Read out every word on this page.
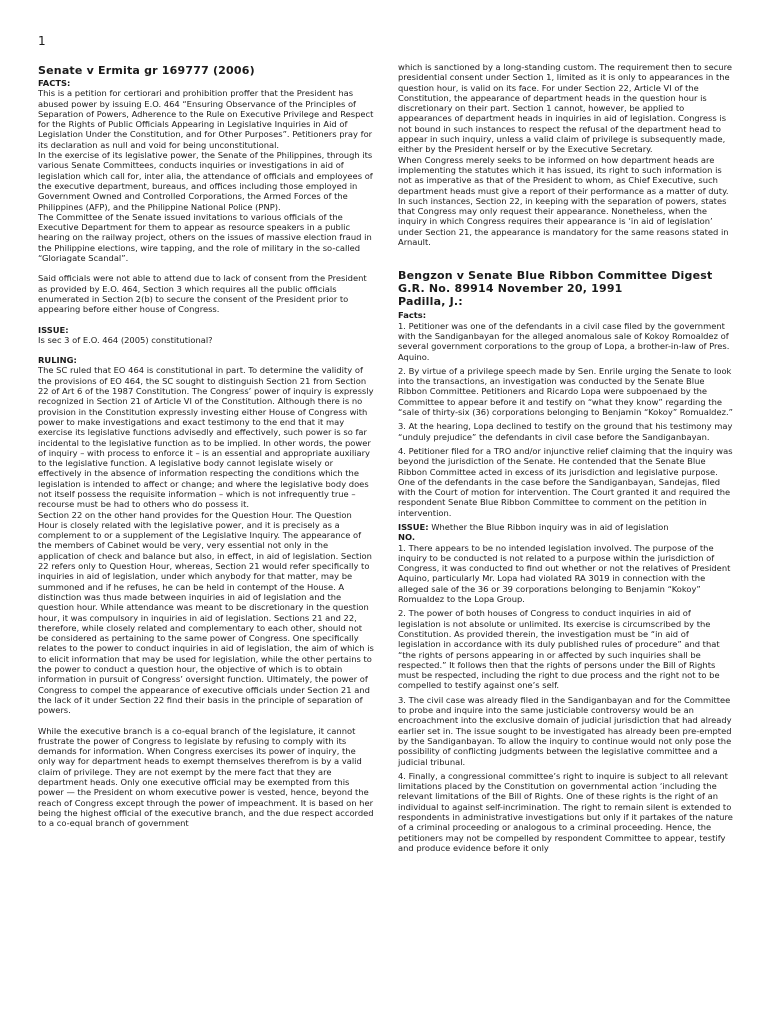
1

Senate v Ermita gr 169777 (2006)

FACTS:

This is a petition for certiorari and prohibition proffer that the President has abused power by issuing E.O. 464 “Ensuring Observance of the Principles of Separation of Powers, Adherence to the Rule on Executive Privilege and Respect for the Rights of Public Officials Appearing in Legislative Inquiries in Aid of Legislation Under the Constitution, and for Other Purposes”. Petitioners pray for its declaration as null and void for being unconstitutional.

In the exercise of its legislative power, the Senate of the Philippines, through its various Senate Committees, conducts inquiries or investigations in aid of legislation which call for, inter alia, the attendance of officials and employees of the executive department, bureaus, and offices including those employed in Government Owned and Controlled Corporations, the Armed Forces of the Philippines (AFP), and the Philippine National Police (PNP).

The Committee of the Senate issued invitations to various officials of the Executive Department for them to appear as resource speakers in a public hearing on the railway project, others on the issues of massive election fraud in the Philippine elections, wire tapping, and the role of military in the so-called “Gloriagate Scandal”.

Said officials were not able to attend due to lack of consent from the President as provided by E.O. 464, Section 3 which requires all the public officials enumerated in Section 2(b) to secure the consent of the President prior to appearing before either house of Congress.

ISSUE:

Is sec 3 of E.O. 464 (2005) constitutional?

RULING:

The SC ruled that EO 464 is constitutional in part. To determine the validity of the provisions of EO 464, the SC sought to distinguish Section 21 from Section 22 of Art 6 of the 1987 Constitution. The Congress’ power of inquiry is expressly recognized in Section 21 of Article VI of the Constitution. Although there is no provision in the Constitution expressly investing either House of Congress with power to make investigations and exact testimony to the end that it may exercise its legislative functions advisedly and effectively, such power is so far incidental to the legislative function as to be implied. In other words, the power of inquiry – with process to enforce it – is an essential and appropriate auxiliary to the legislative function. A legislative body cannot legislate wisely or effectively in the absence of information respecting the conditions which the legislation is intended to affect or change; and where the legislative body does not itself possess the requisite information – which is not infrequently true – recourse must be had to others who do possess it.

Section 22 on the other hand provides for the Question Hour. The Question Hour is closely related with the legislative power, and it is precisely as a complement to or a supplement of the Legislative Inquiry. The appearance of the members of Cabinet would be very, very essential not only in the application of check and balance but also, in effect, in aid of legislation. Section 22 refers only to Question Hour, whereas, Section 21 would refer specifically to inquiries in aid of legislation, under which anybody for that matter, may be summoned and if he refuses, he can be held in contempt of the House. A distinction was thus made between inquiries in aid of legislation and the question hour. While attendance was meant to be discretionary in the question hour, it was compulsory in inquiries in aid of legislation. Sections 21 and 22, therefore, while closely related and complementary to each other, should not be considered as pertaining to the same power of Congress. One specifically relates to the power to conduct inquiries in aid of legislation, the aim of which is to elicit information that may be used for legislation, while the other pertains to the power to conduct a question hour, the objective of which is to obtain information in pursuit of Congress’ oversight function. Ultimately, the power of Congress to compel the appearance of executive officials under Section 21 and the lack of it under Section 22 find their basis in the principle of separation of powers.

While the executive branch is a co-equal branch of the legislature, it cannot frustrate the power of Congress to legislate by refusing to comply with its demands for information. When Congress exercises its power of inquiry, the only way for department heads to exempt themselves therefrom is by a valid claim of privilege. They are not exempt by the mere fact that they are department heads. Only one executive official may be exempted from this power — the President on whom executive power is vested, hence, beyond the reach of Congress except through the power of impeachment. It is based on her being the highest official of the executive branch, and the due respect accorded to a co-equal branch of government

which is sanctioned by a long-standing custom. The requirement then to secure presidential consent under Section 1, limited as it is only to appearances in the question hour, is valid on its face. For under Section 22, Article VI of the Constitution, the appearance of department heads in the question hour is discretionary on their part. Section 1 cannot, however, be applied to appearances of department heads in inquiries in aid of legislation. Congress is not bound in such instances to respect the refusal of the department head to appear in such inquiry, unless a valid claim of privilege is subsequently made, either by the President herself or by the Executive Secretary.

When Congress merely seeks to be informed on how department heads are implementing the statutes which it has issued, its right to such information is not as imperative as that of the President to whom, as Chief Executive, such department heads must give a report of their performance as a matter of duty. In such instances, Section 22, in keeping with the separation of powers, states that Congress may only request their appearance. Nonetheless, when the inquiry in which Congress requires their appearance is ‘in aid of legislation’ under Section 21, the appearance is mandatory for the same reasons stated in Arnault.

Bengzon v Senate Blue Ribbon Committee Digest

G.R. No. 89914 November 20, 1991

Padilla, J.:

Facts:

1. Petitioner was one of the defendants in a civil case filed by the government with the Sandiganbayan for the alleged anomalous sale of Kokoy Romoaldez of several government corporations to the group of Lopa, a brother-in-law of Pres. Aquino.

2. By virtue of a privilege speech made by Sen. Enrile urging the Senate to look into the transactions, an investigation was conducted by the Senate Blue Ribbon Committee. Petitioners and Ricardo Lopa were subpoenaed by the Committee to appear before it and testify on “what they know” regarding the “sale of thirty-six (36) corporations belonging to Benjamin “Kokoy” Romualdez.”

3. At the hearing, Lopa declined to testify on the ground that his testimony may “unduly prejudice” the defendants in civil case before the Sandiganbayan.

4. Petitioner filed for a TRO and/or injunctive relief claiming that the inquiry was beyond the jurisdiction of the Senate. He contended that the Senate Blue Ribbon Committee acted in excess of its jurisdiction and legislative purpose. One of the defendants in the case before the Sandiganbayan, Sandejas, filed with the Court of motion for intervention. The Court granted it and required the respondent Senate Blue Ribbon Committee to comment on the petition in intervention.

ISSUE: Whether the Blue Ribbon inquiry was in aid of legislation

NO.

1. There appears to be no intended legislation involved. The purpose of the inquiry to be conducted is not related to a purpose within the jurisdiction of Congress, it was conducted to find out whether or not the relatives of President Aquino, particularly Mr. Lopa had violated RA 3019 in connection with the alleged sale of the 36 or 39 corporations belonging to Benjamin “Kokoy” Romualdez to the Lopa Group.

2. The power of both houses of Congress to conduct inquiries in aid of legislation is not absolute or unlimited. Its exercise is circumscribed by the Constitution. As provided therein, the investigation must be “in aid of legislation in accordance with its duly published rules of procedure” and that “the rights of persons appearing in or affected by such inquiries shall be respected.” It follows then that the rights of persons under the Bill of Rights must be respected, including the right to due process and the right not to be compelled to testify against one’s self.

3. The civil case was already filed in the Sandiganbayan and for the Committee to probe and inquire into the same justiciable controversy would be an encroachment into the exclusive domain of judicial jurisdiction that had already earlier set in. The issue sought to be investigated has already been pre-empted by the Sandiganbayan. To allow the inquiry to continue would not only pose the possibility of conflicting judgments between the legislative committee and a judicial tribunal.

4. Finally, a congressional committee’s right to inquire is subject to all relevant limitations placed by the Constitution on governmental action ‘including the relevant limitations of the Bill of Rights. One of these rights is the right of an individual to against self-incrimination. The right to remain silent is extended to respondents in administrative investigations but only if it partakes of the nature of a criminal proceeding or analogous to a criminal proceeding. Hence, the petitioners may not be compelled by respondent Committee to appear, testify and produce evidence before it only
